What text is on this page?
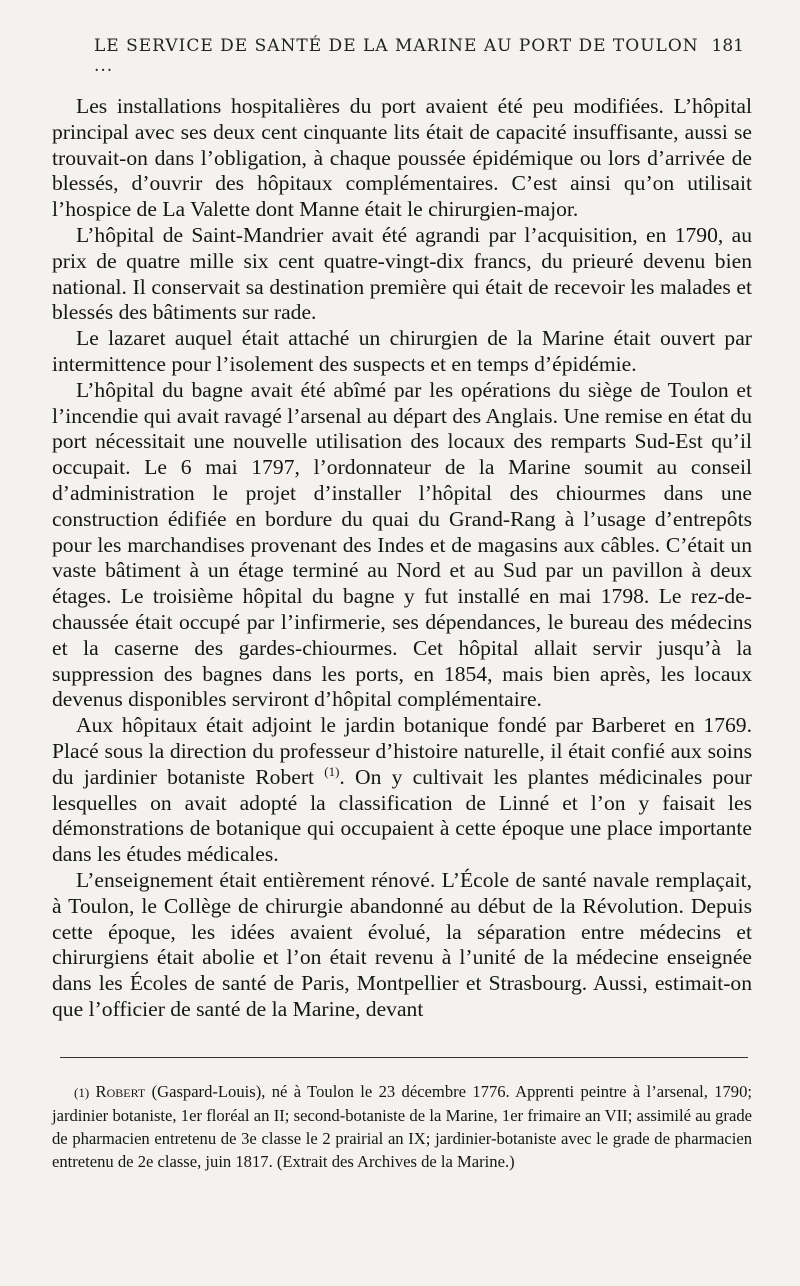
LE SERVICE DE SANTÉ DE LA MARINE AU PORT DE TOULON ...
181

Les installations hospitalières du port avaient été peu modifiées. L’hôpital principal avec ses deux cent cinquante lits était de capacité insuffisante, aussi se trouvait-on dans l’obligation, à chaque poussée épidémique ou lors d’arrivée de blessés, d’ouvrir des hôpitaux complémentaires. C’est ainsi qu’on utilisait l’hospice de La Valette dont Manne était le chirurgien-major.

L’hôpital de Saint-Mandrier avait été agrandi par l’acquisition, en 1790, au prix de quatre mille six cent quatre-vingt-dix francs, du prieuré devenu bien national. Il conservait sa destination première qui était de recevoir les malades et blessés des bâtiments sur rade.

Le lazaret auquel était attaché un chirurgien de la Marine était ouvert par intermittence pour l’isolement des suspects et en temps d’épidémie.

L’hôpital du bagne avait été abîmé par les opérations du siège de Toulon et l’incendie qui avait ravagé l’arsenal au départ des Anglais. Une remise en état du port nécessitait une nouvelle utilisation des locaux des remparts Sud-Est qu’il occupait. Le 6 mai 1797, l’ordonnateur de la Marine soumit au conseil d’administration le projet d’installer l’hôpital des chiourmes dans une construction édifiée en bordure du quai du Grand-Rang à l’usage d’entrepôts pour les marchandises provenant des Indes et de magasins aux câbles. C’était un vaste bâtiment à un étage terminé au Nord et au Sud par un pavillon à deux étages. Le troisième hôpital du bagne y fut installé en mai 1798. Le rez-de-chaussée était occupé par l’infirmerie, ses dépendances, le bureau des médecins et la caserne des gardes-chiourmes. Cet hôpital allait servir jusqu’à la suppression des bagnes dans les ports, en 1854, mais bien après, les locaux devenus disponibles serviront d’hôpital complémentaire.

Aux hôpitaux était adjoint le jardin botanique fondé par Barberet en 1769. Placé sous la direction du professeur d’histoire naturelle, il était confié aux soins du jardinier botaniste Robert $^{(1)}$. On y cultivait les plantes médicinales pour lesquelles on avait adopté la classification de Linné et l’on y faisait les démonstrations de botanique qui occupaient à cette époque une place importante dans les études médicales.

L’enseignement était entièrement rénové. L’École de santé navale remplaçait, à Toulon, le Collège de chirurgie abandonné au début de la Révolution. Depuis cette époque, les idées avaient évolué, la séparation entre médecins et chirurgiens était abolie et l’on était revenu à l’unité de la médecine enseignée dans les Écoles de santé de Paris, Montpellier et Strasbourg. Aussi, estimait-on que l’officier de santé de la Marine, devant

(1) Robert (Gaspard-Louis), né à Toulon le 23 décembre 1776. Apprenti peintre à l’arsenal, 1790; jardinier botaniste, 1er floréal an II; second-botaniste de la Marine, 1er frimaire an VII; assimilé au grade de pharmacien entretenu de 3e classe le 2 prairial an IX; jardinier-botaniste avec le grade de pharmacien entretenu de 2e classe, juin 1817. (Extrait des Archives de la Marine.)
